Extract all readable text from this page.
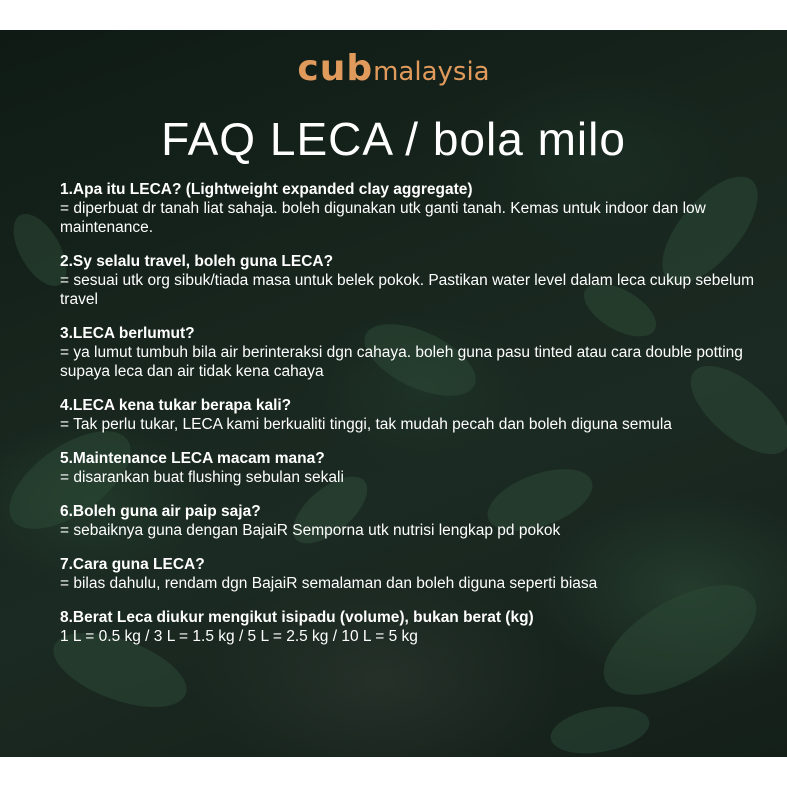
cubmalaysia
FAQ LECA / bola milo
1.Apa itu LECA? (Lightweight expanded clay aggregate)
= diperbuat dr tanah liat sahaja. boleh digunakan utk ganti tanah. Kemas untuk indoor dan low maintenance.
2.Sy selalu travel, boleh guna LECA?
= sesuai utk org sibuk/tiada masa untuk belek pokok. Pastikan water level dalam leca cukup sebelum travel
3.LECA berlumut?
= ya lumut tumbuh bila air berinteraksi dgn cahaya. boleh guna pasu tinted atau cara double potting supaya leca dan air tidak kena cahaya
4.LECA kena tukar berapa kali?
= Tak perlu tukar, LECA kami berkualiti tinggi, tak mudah pecah dan boleh diguna semula
5.Maintenance LECA macam mana?
= disarankan buat flushing sebulan sekali
6.Boleh guna air paip saja?
= sebaiknya guna dengan BajaiR Semporna utk nutrisi lengkap pd pokok
7.Cara guna LECA?
= bilas dahulu, rendam dgn BajaiR semalaman dan boleh diguna seperti biasa
8.Berat Leca diukur mengikut isipadu (volume), bukan berat (kg)
1 L = 0.5 kg / 3 L = 1.5 kg / 5 L = 2.5 kg / 10 L = 5 kg
